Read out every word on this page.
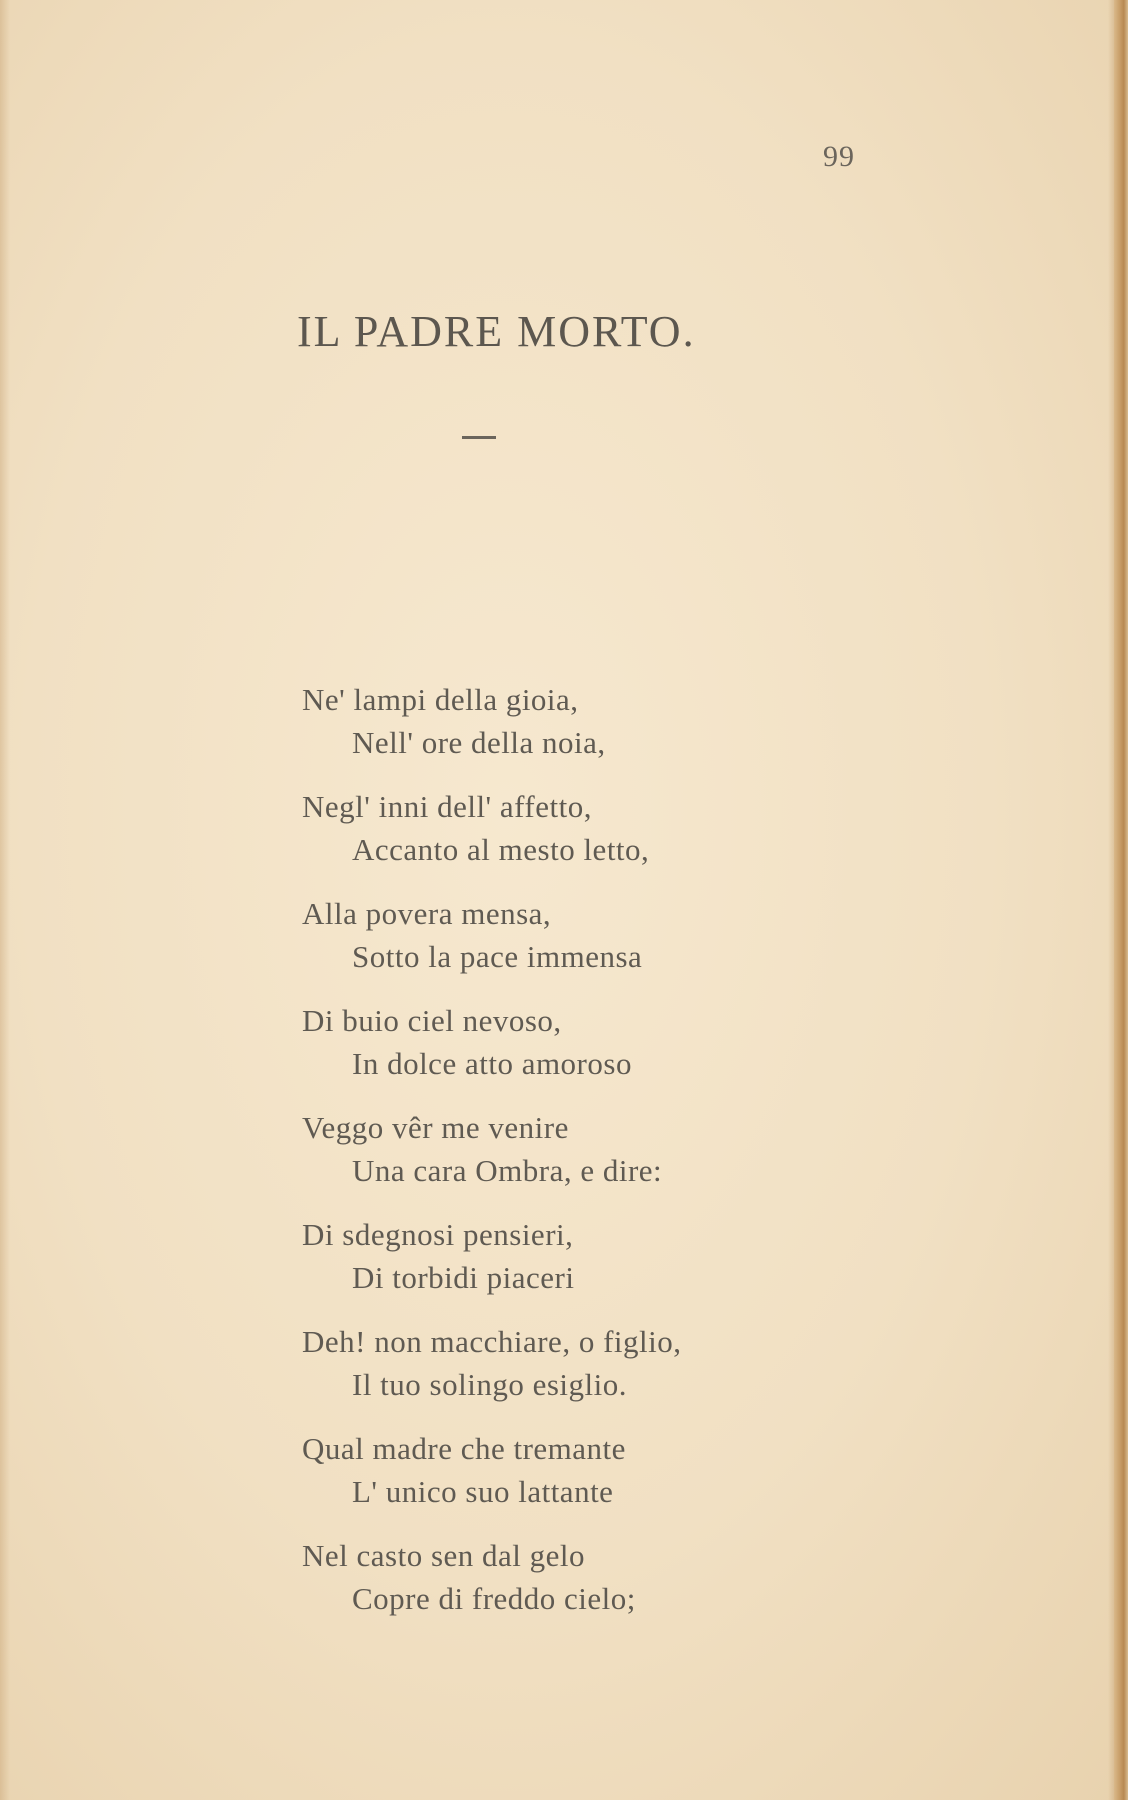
99
IL PADRE MORTO.
Ne' lampi della gioia,
Nell' ore della noia,
Negl' inni dell' affetto,
Accanto al mesto letto,
Alla povera mensa,
Sotto la pace immensa
Di buio ciel nevoso,
In dolce atto amoroso
Veggo vêr me venire
Una cara Ombra, e dire:
Di sdegnosi pensieri,
Di torbidi piaceri
Deh! non macchiare, o figlio,
Il tuo solingo esiglio.
Qual madre che tremante
L' unico suo lattante
Nel casto sen dal gelo
Copre di freddo cielo;
